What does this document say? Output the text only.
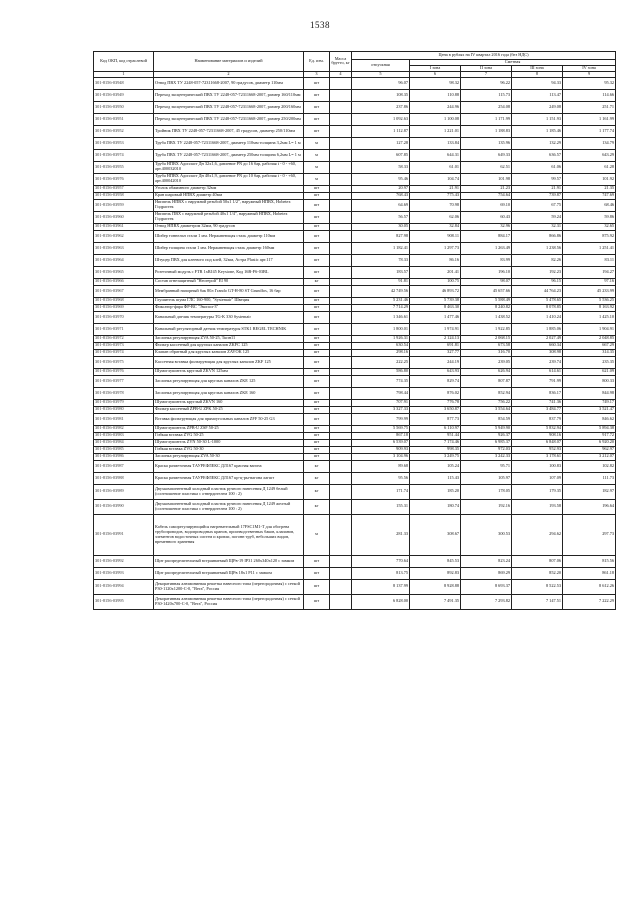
1538
Код ОКП, код отраслевой	Наименование материалов и изделий	Ед. изм.	Масса брутто, кг	Цена в рублях на IV квартал 2016 года (без НДС)				
				отпускная	Сметная			
					I зона	II зона	III зона	IV зона
1	2	3	4	5	6	7	8	9
301-8156-03948	Отвод ПВХ ТУ 2248-057-72311668-2007, 90 градусов, диаметр 110мм	шт		96.07	98.32	96.22	94.33	95.32
301-8156-03949	Переход эксцентрический ПВХ ТУ 2248-057-72311668-2007, размер 160/110мм	шт		108.35	110.88	115.73	113.47	114.66
301-8156-03950	Переход эксцентрический ПВХ ТУ 2248-057-72311668-2007, размер 200/160мм	шт		237.86	244.96	254.08	249.08	251.71
301-8156-03951	Переход эксцентрический ПВХ ТУ 2248-057-72311668-2007, размер 250/200мм	шт		1 092.63	1 100.08	1 171.99	1 151.93	1 161.99
301-8156-03952	Тройник ПВХ ТУ 2248-057-72311668-2007, 45 градусов, диаметр 250/110мм	шт		1 112.87	1 221.01	1 188.83	1 185.46	1 177.74
301-8156-03953	Труба ПВХ ТУ 2248-057-72311668-2007, диаметр 110мм толщина 3,2мм L= 1 м	м		127.28	133.84	135.96	132.29	134.79
301-8156-03974	Труба ПВХ ТУ 2248-057-72311668-2007, диаметр 250мм толщина 6,2мм L= 1 м	м		607.85	644.31	649.33	636.57	643.29
301-8156-03955	Труба НПВХ Адопласт Дн 32x1,6, давление PN до 16 бар, рабочая t - 0 - +60, арт.400032010	м		58.33	61.01	62.51	61.06	61.28
301-8156-03976	Труба НПВХ Адопласт Дн 40x1,9, давление PN до 10 бар, рабочая t - 0 - +60, арт.400042010	м		95.46	104.74	101.98	99.57	101.92
301-8156-03957	Уголок обжимного диаметр 32мм	шт		20.97	21.91	21.23	21.91	21.35
301-8156-03958	Кран шаровый НПВХ диаметр 40мм	шт		768.43	775.43	754.64	739.87	747.69
301-8156-03959	Ниппель НПВХ с наружной резьбой 50x1 1/2", наружный НПВХ, Hobetex Гидрастек	шт		64.69	70.98	69.10	67.75	68.46
301-8156-03960	Ниппель ПВХ с наружной резьбой 40x1 1/4", наружный НПВХ, Hobetex Гидрастек	шт		56.57	62.06	60.43	59.24	59.86
301-8156-03961	Отвод НПВХ диаметром 32мм, 90 градусов	шт		30.05	32.84	32.96	32.31	32.65
301-8156-03962	Шибер тоннельн стали 1 мм. Нержавеющая сталь диаметр 110мм	шт		827.98	908.11	884.17	866.86	875.92
301-8156-03963	Шибер толщина стали 1 мм. Нержавеющая сталь диаметр 160мм	шт		1 182.41	1 297.73	1 263.49	1 238.56	1 251.41
301-8156-03964	Штуцер ПВХ для клеевого под клей, 32мм, Астра Plastic арт.117	шт		78.33	86.16	83.99	82.26	83.11
301-8156-03965	Розеточный модуль с FTR 1xRJ45 Keystone, Код 16B-F6-03BL	шт		183.57	201.41	196.10	192.23	194.27
301-8156-03966	Состав огнезащитный "Неогерой" ЕI 90	кг		91.81	100.75	98.07	96.15	97.16
301-8156-03967	Мембранный напорный бак 80л Гrando GT-H-80 ST Grundfos, 16 бар	шт		42 749.56	46 893.72	45 657.66	44 764.23	45 233.99
301-8156-03968	Глушитель шума ГЛС 160-900, "Systemair" Швеция	шт		5 231.46	5 739.38	5 588.49	5 478.65	5 536.25
301-8156-03969	Фиксатор-фара ФР-ВС "Экопол-3"	шт		7 714.29	8 463.30	8 240.82	8 078.85	8 163.92
301-8156-03970	Канальный датчик температуры TG-K 330 Systemair	шт		1 346.61	1 477.46	1 438.52	1 410.24	1 425.10
301-8156-03971	Канальный регуляторный датчик температуры STK1 REGEL TECHNIK	шт		1 800.01	1 974.91	1 922.85	1 885.06	1 904.91
301-8156-03972	Заслонка регулирующая ZVA 50-25, Ткпн11	шт		1 926.31	2 124.13	2 068.15	2 027.49	2 048.85
301-8156-03973	Фильтр кассетный для круглых каналов ZKFC 125	шт		630.54	691.81	673.58	660.34	667.29
301-8156-03974	Клапан обратный для круглых каналов ZAVOK 125	шт		298.16	327.77	316.70	308.98	314.35
301-8156-03975	Кассетная вставка фильтрующая для круглых каналов ZKF 125	шт		222.25	244.19	239.05	239.74	235.35
301-8156-03976	Шумоглушитель круглый ZKVN 125мм	шт		586.80	643.93	626.94	614.61	621.09
301-8156-03977	Заслонка регулирующая для круглых каналов ZKE 125	шт		774.35	829.74	807.87	791.99	800.33
301-8156-03978	Заслонка регулирующая для круглых каналов ZKE 160	шт		798.44	876.02	852.94	836.17	844.98
301-8156-03979	Шумоглушитель круглый ZKVN 160	шт		707.91	776.78	756.22	741.36	749.17
301-8156-03980	Фильтр кассетный ZPB-U ZPK 50-25	шт		3 327.33	3 650.87	3 554.64	3 484.77	3 521.47
301-8156-03981	Вставка фильтрующая для прямоугольных каналов ZFF 50-25 G3	шт		799.99	877.73	854.59	837.79	846.62
301-8156-03982	Шумоглушитель ZPB-U ZSF 50-25	шт		5 569.75	6 110.97	5 949.90	5 832.94	5 894.38
301-8156-03983	Гибкая вставка ZVG 50-25	шт		867.18	951.44	926.37	908.16	917.72
301-8156-03984	Шумоглушитель ZVN 50-30 L-1000	шт		6 539.07	7 174.46	6 985.37	6 848.07	6 920.20
301-8156-03985	Гибкая вставка ZVG 50-30	шт		909.93	998.35	972.03	952.93	962.97
301-8156-03986	Заслонка регулирующая ZVA 50-30	шт		3 104.96	3 249.75	3 242.33	3 178.61	3 212.07
301-8156-03987	Краска разметочная ТАУРЕФЛЕКС ДЛ167 красная вагона	кг		89.68	105.24	95.71	100.83	102.82
301-8156-03988	Краска разметочная ТАУРЕФЛЕКС ДЛ167 кр-ц-ры-вагона лагшт	кг		95.56	115.43	105.97	107.09	111.73
301-8156-03989	Двухкомпонентный холодный пластик ручного нанесения Д 1249 белый (соотношение пластика с отвердителем 100 : 2)	кг		171.74	185.20	178.05	179.35	182.97
301-8156-03990	Двухкомпонентный холодный пластик ручного нанесения Д 1249 желтый (соотношение пластика с отвердителем 100 : 2)	кг		155.31	180.74	192.16	193.58	196.64
301-8156-03991	Кабель саморегулирующийся нагревательный 17FSC1M1-T для обогрева трубопроводов, водопроводных кранов, производственных баков, клапанов, элементов водосточных систем и кровли, погонн труб, небольших видов, временного хранения	м		281.33	308.67	300.53	294.62	297.73
301-8156-03992	Щит распределительный встраиваемый ЩРв-19 IP31 260x340x120 с замком	шт		770.64	845.53	823.24	807.06	815.56
301-8156-03993	Щит распределительный встраиваемый ЩРв 18x1 P11 с замком	шт		813.75	892.83	869.29	852.20	861.18
301-8156-03994	Декоративная алюминиевая решетка навесного типа (перегородочная) с сеткой Р30-1120x1200-С-0, "Вега", Россия	шт		8 137.99	8 928.88	8 693.37	8 522.53	8 612.26
301-8156-03995	Декоративная алюминиевая решетка навесного типа (перегородочная) с сеткой Р30-1420x700-С-0, "Вега", Россия	шт		6 828.00	7 491.35	7 293.82	7 147.51	7 222.29
